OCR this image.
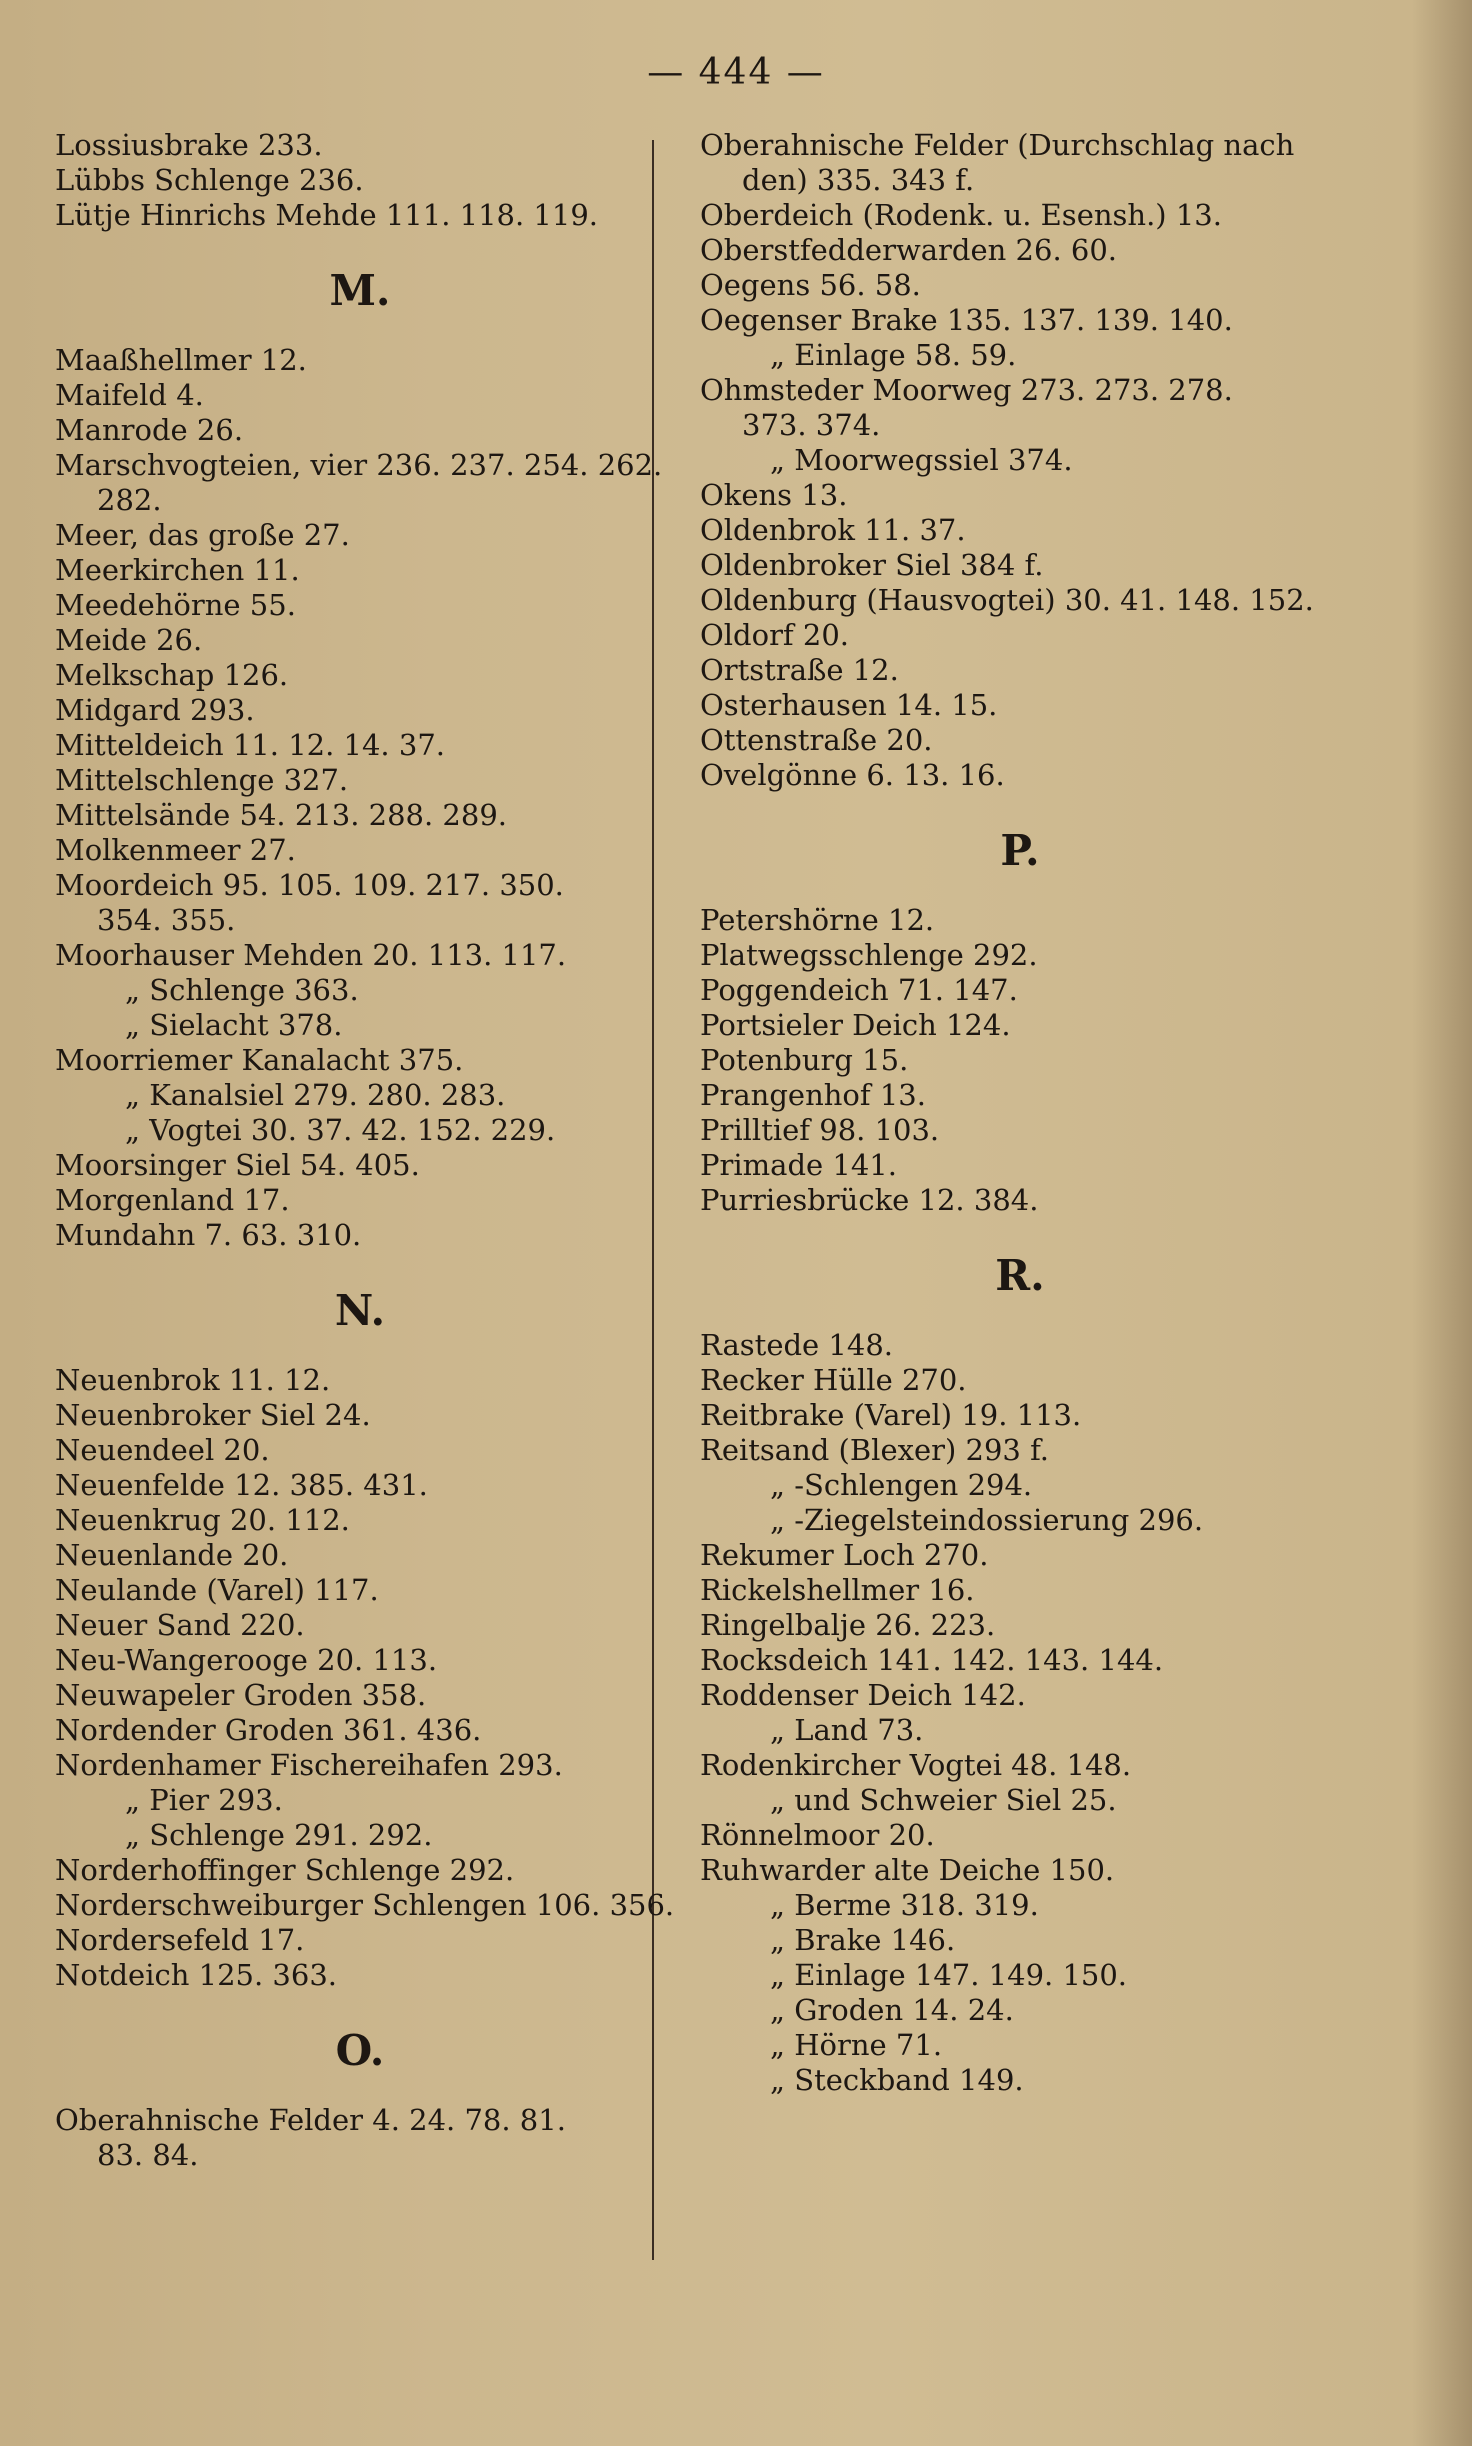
— 444 —
Lossiusbrake 233.
Lübbs Schlenge 236.
Lütje Hinrichs Mehde 111. 118. 119.
M.
Maaßhellmer 12.
Maifeld 4.
Manrode 26.
Marschvogteien, vier 236. 237. 254. 262.
282.
Meer, das große 27.
Meerkirchen 11.
Meedehörne 55.
Meide 26.
Melkschap 126.
Midgard 293.
Mitteldeich 11. 12. 14. 37.
Mittelschlenge 327.
Mittelsände 54. 213. 288. 289.
Molkenmeer 27.
Moordeich 95. 105. 109. 217. 350.
354. 355.
Moorhauser Mehden 20. 113. 117.
„ Schlenge 363.
„ Sielacht 378.
Moorriemer Kanalacht 375.
„ Kanalsiel 279. 280. 283.
„ Vogtei 30. 37. 42. 152. 229.
Moorsinger Siel 54. 405.
Morgenland 17.
Mundahn 7. 63. 310.
N.
Neuenbrok 11. 12.
Neuenbroker Siel 24.
Neuendeel 20.
Neuenfelde 12. 385. 431.
Neuenkrug 20. 112.
Neuenlande 20.
Neulande (Varel) 117.
Neuer Sand 220.
Neu-Wangerooge 20. 113.
Neuwapeler Groden 358.
Nordender Groden 361. 436.
Nordenhamer Fischereihafen 293.
„ Pier 293.
„ Schlenge 291. 292.
Norderhoffinger Schlenge 292.
Norderschweiburger Schlengen 106. 356.
Nordersefeld 17.
Notdeich 125. 363.
O.
Oberahnische Felder 4. 24. 78. 81.
83. 84.
Oberahnische Felder (Durchschlag nach
den) 335. 343 f.
Oberdeich (Rodenk. u. Esensh.) 13.
Oberstfedderwarden 26. 60.
Oegens 56. 58.
Oegenser Brake 135. 137. 139. 140.
„ Einlage 58. 59.
Ohmsteder Moorweg 273. 273. 278.
373. 374.
„ Moorwegssiel 374.
Okens 13.
Oldenbrok 11. 37.
Oldenbroker Siel 384 f.
Oldenburg (Hausvogtei) 30. 41. 148. 152.
Oldorf 20.
Ortstraße 12.
Osterhausen 14. 15.
Ottenstraße 20.
Ovelgönne 6. 13. 16.
P.
Petershörne 12.
Platwegsschlenge 292.
Poggendeich 71. 147.
Portsieler Deich 124.
Potenburg 15.
Prangenhof 13.
Prilltief 98. 103.
Primade 141.
Purriesbrücke 12. 384.
R.
Rastede 148.
Recker Hülle 270.
Reitbrake (Varel) 19. 113.
Reitsand (Blexer) 293 f.
„ -Schlengen 294.
„ -Ziegelsteindossierung 296.
Rekumer Loch 270.
Rickelshellmer 16.
Ringelbalje 26. 223.
Rocksdeich 141. 142. 143. 144.
Roddenser Deich 142.
„ Land 73.
Rodenkircher Vogtei 48. 148.
„ und Schweier Siel 25.
Rönnelmoor 20.
Ruhwarder alte Deiche 150.
„ Berme 318. 319.
„ Brake 146.
„ Einlage 147. 149. 150.
„ Groden 14. 24.
„ Hörne 71.
„ Steckband 149.
